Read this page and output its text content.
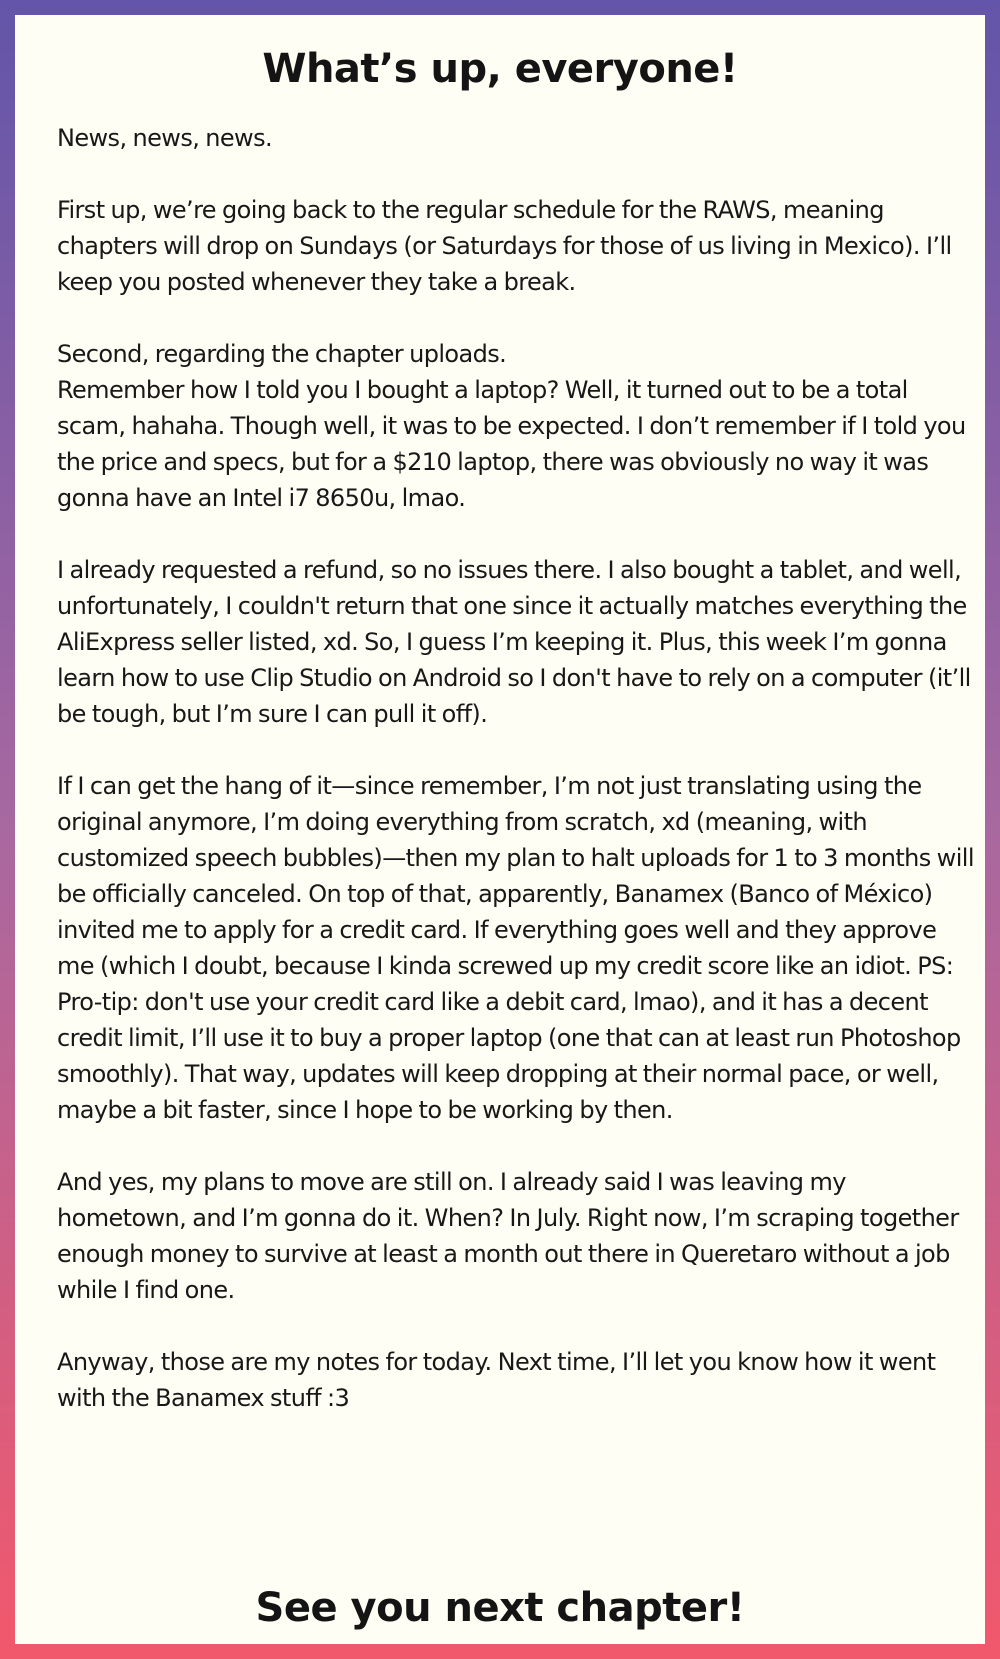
What’s up, everyone!

News, news, news.

First up, we’re going back to the regular schedule for the RAWS, meaning chapters will drop on Sundays (or Saturdays for those of us living in Mexico). I’ll keep you posted whenever they take a break.

Second, regarding the chapter uploads.

Remember how I told you I bought a laptop? Well, it turned out to be a total scam, hahaha. Though well, it was to be expected. I don’t remember if I told you the price and specs, but for a $210 laptop, there was obviously no way it was gonna have an Intel i7 8650u, lmao.

I already requested a refund, so no issues there. I also bought a tablet, and well, unfortunately, I couldn't return that one since it actually matches everything the AliExpress seller listed, xd. So, I guess I’m keeping it. Plus, this week I’m gonna learn how to use Clip Studio on Android so I don't have to rely on a computer (it’ll be tough, but I’m sure I can pull it off).

If I can get the hang of it—since remember, I’m not just translating using the original anymore, I’m doing everything from scratch, xd (meaning, with customized speech bubbles)—then my plan to halt uploads for 1 to 3 months will be officially canceled. On top of that, apparently, Banamex (Banco of México) invited me to apply for a credit card. If everything goes well and they approve me (which I doubt, because I kinda screwed up my credit score like an idiot. PS: Pro-tip: don't use your credit card like a debit card, lmao), and it has a decent credit limit, I’ll use it to buy a proper laptop (one that can at least run Photoshop smoothly). That way, updates will keep dropping at their normal pace, or well, maybe a bit faster, since I hope to be working by then.

And yes, my plans to move are still on. I already said I was leaving my hometown, and I’m gonna do it. When? In July. Right now, I’m scraping together enough money to survive at least a month out there in Queretaro without a job while I find one.

Anyway, those are my notes for today. Next time, I’ll let you know how it went with the Banamex stuff :3

See you next chapter!
